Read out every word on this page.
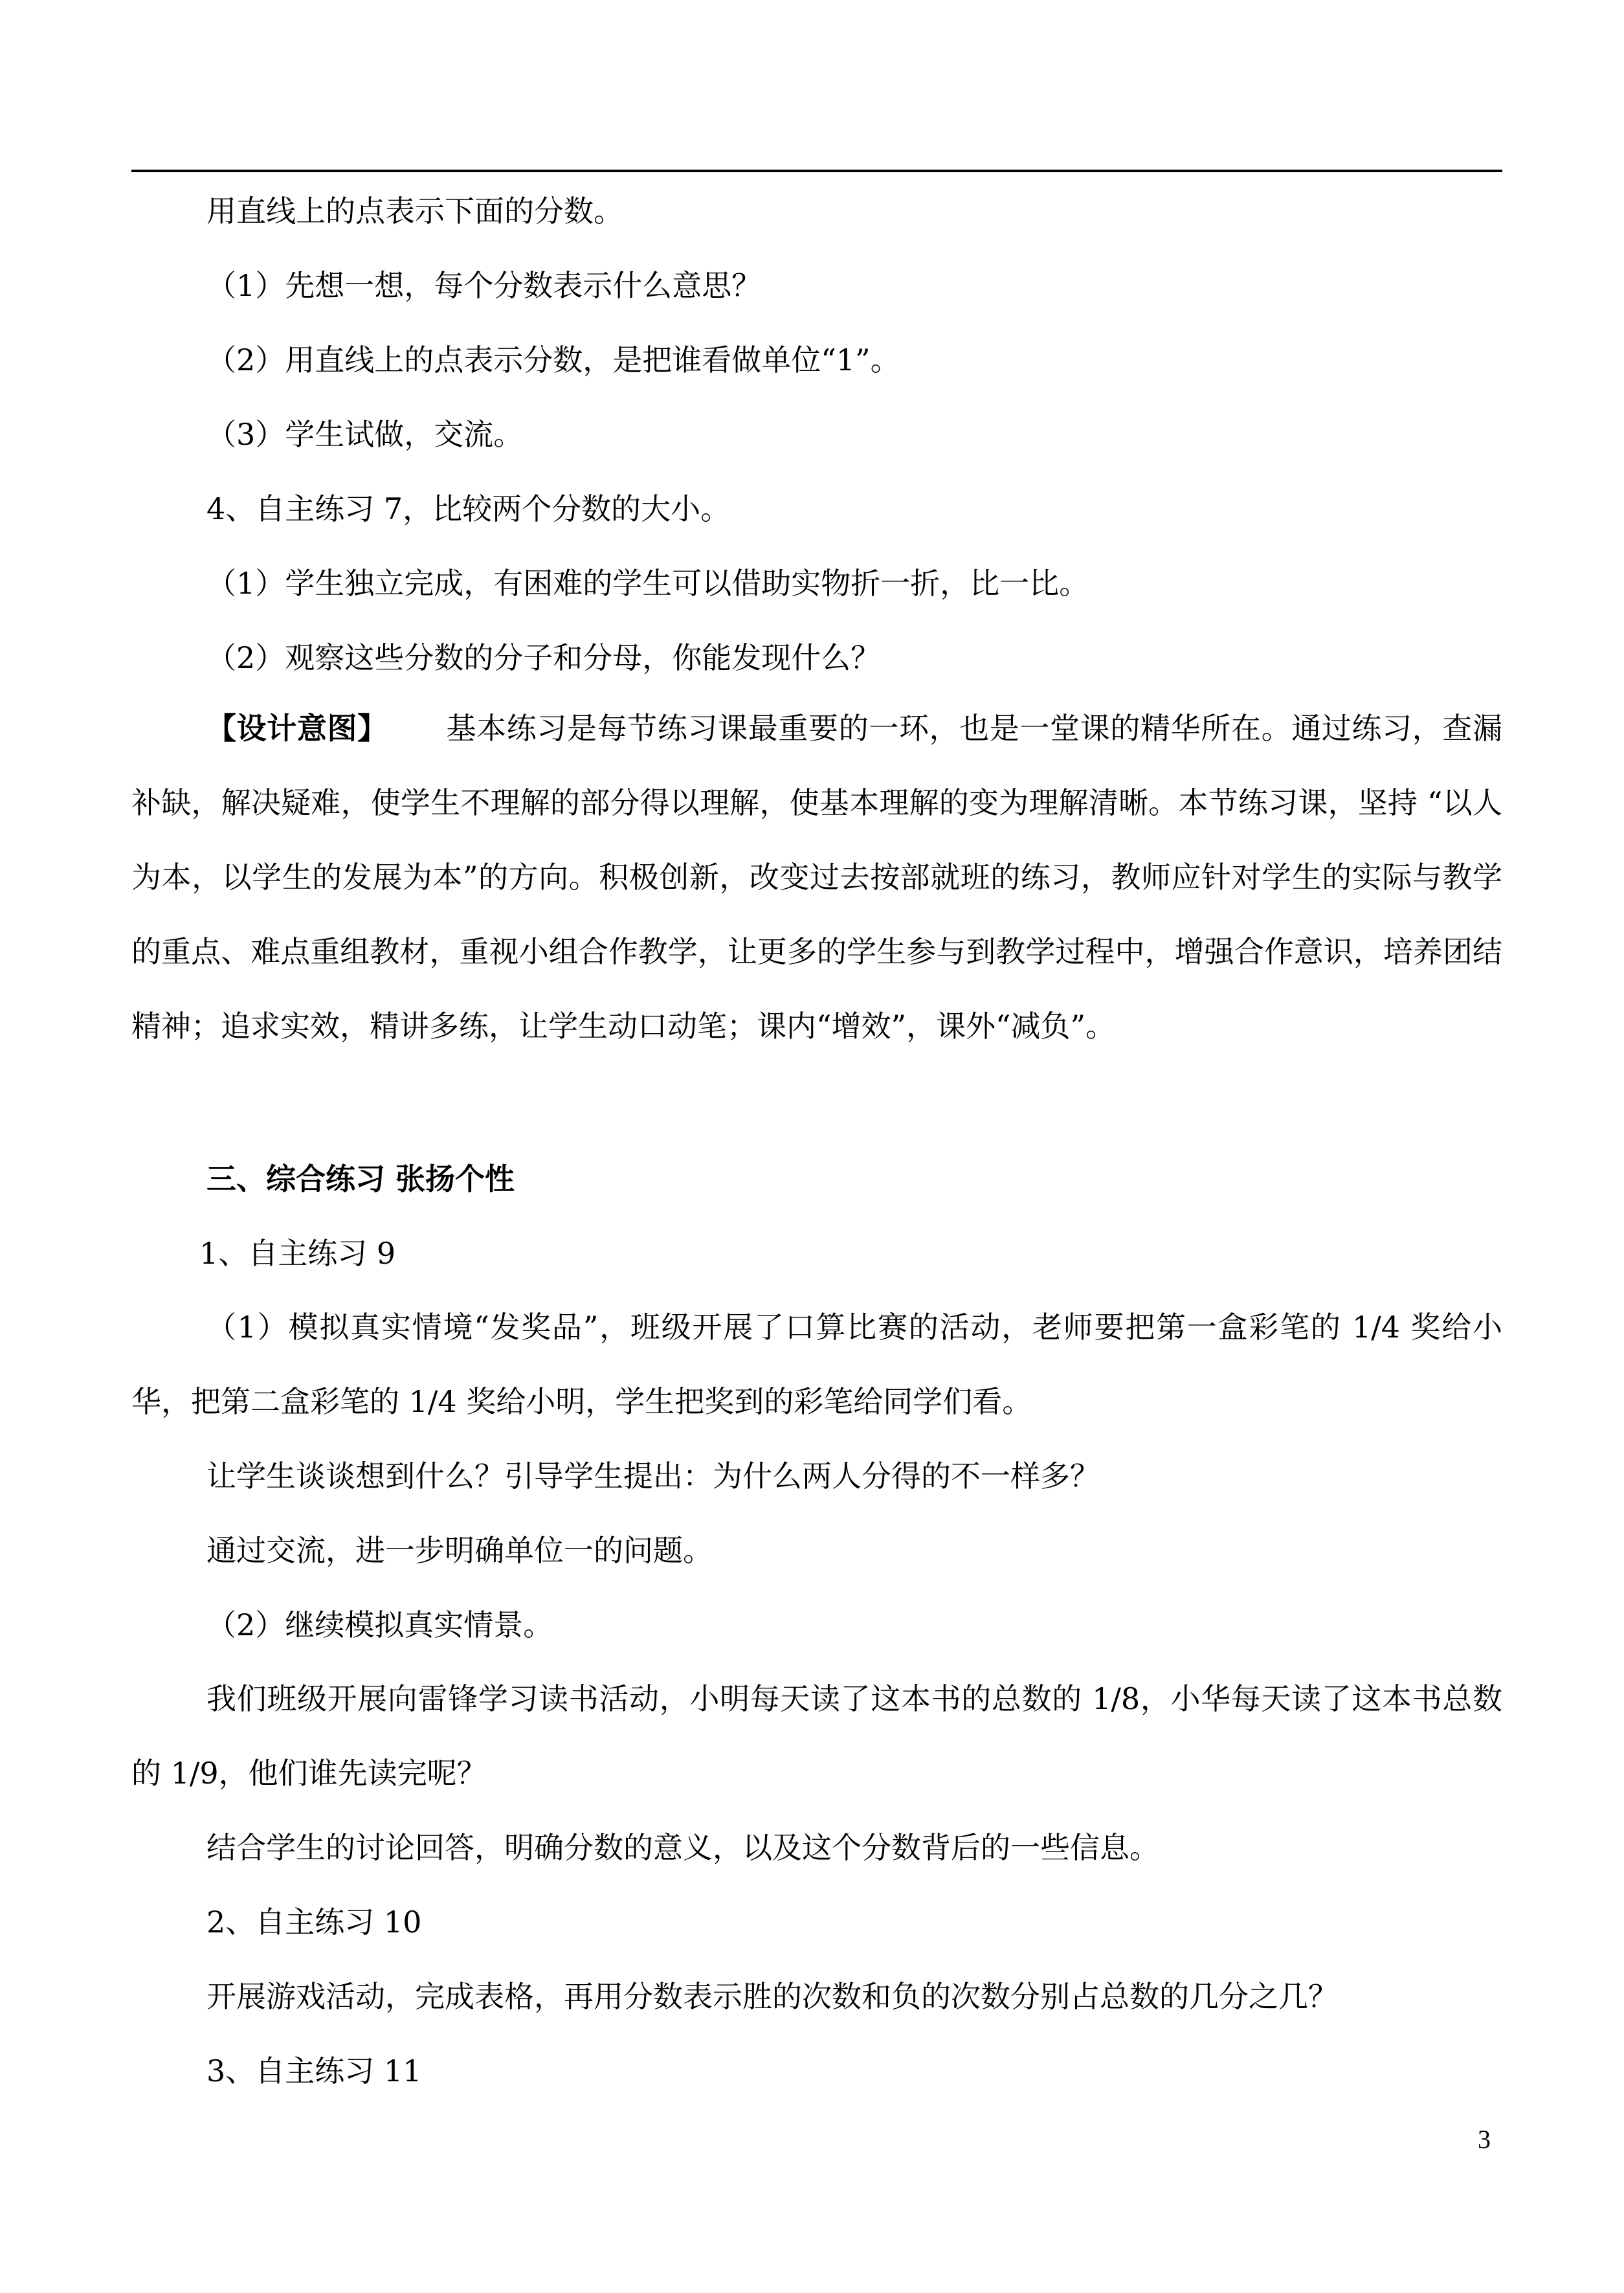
用直线上的点表示下面的分数。
（1）先想一想，每个分数表示什么意思？
（2）用直线上的点表示分数，是把谁看做单位“1”。
（3）学生试做，交流。
4、自主练习 7，比较两个分数的大小。
（1）学生独立完成，有困难的学生可以借助实物折一折，比一比。
（2）观察这些分数的分子和分母，你能发现什么？
【设计意图】 基本练习是每节练习课最重要的一环，也是一堂课的精华所在。通过练习，查漏补缺，解决疑难，使学生不理解的部分得以理解，使基本理解的变为理解清晰。本节练习课，坚持 “以人为本，以学生的发展为本”的方向。积极创新，改变过去按部就班的练习，教师应针对学生的实际与教学的重点、难点重组教材，重视小组合作教学，让更多的学生参与到教学过程中，增强合作意识，培养团结精神；追求实效，精讲多练，让学生动口动笔；课内“增效”，课外“减负”。
三、综合练习 张扬个性
1、自主练习 9
（1）模拟真实情境“发奖品”，班级开展了口算比赛的活动，老师要把第一盒彩笔的 1/4 奖给小华，把第二盒彩笔的 1/4 奖给小明，学生把奖到的彩笔给同学们看。
让学生谈谈想到什么？引导学生提出：为什么两人分得的不一样多？
通过交流，进一步明确单位一的问题。
（2）继续模拟真实情景。
我们班级开展向雷锋学习读书活动，小明每天读了这本书的总数的 1/8，小华每天读了这本书总数的 1/9，他们谁先读完呢？
结合学生的讨论回答，明确分数的意义，以及这个分数背后的一些信息。
2、自主练习 10
开展游戏活动，完成表格，再用分数表示胜的次数和负的次数分别占总数的几分之几？
3、自主练习 11
3
